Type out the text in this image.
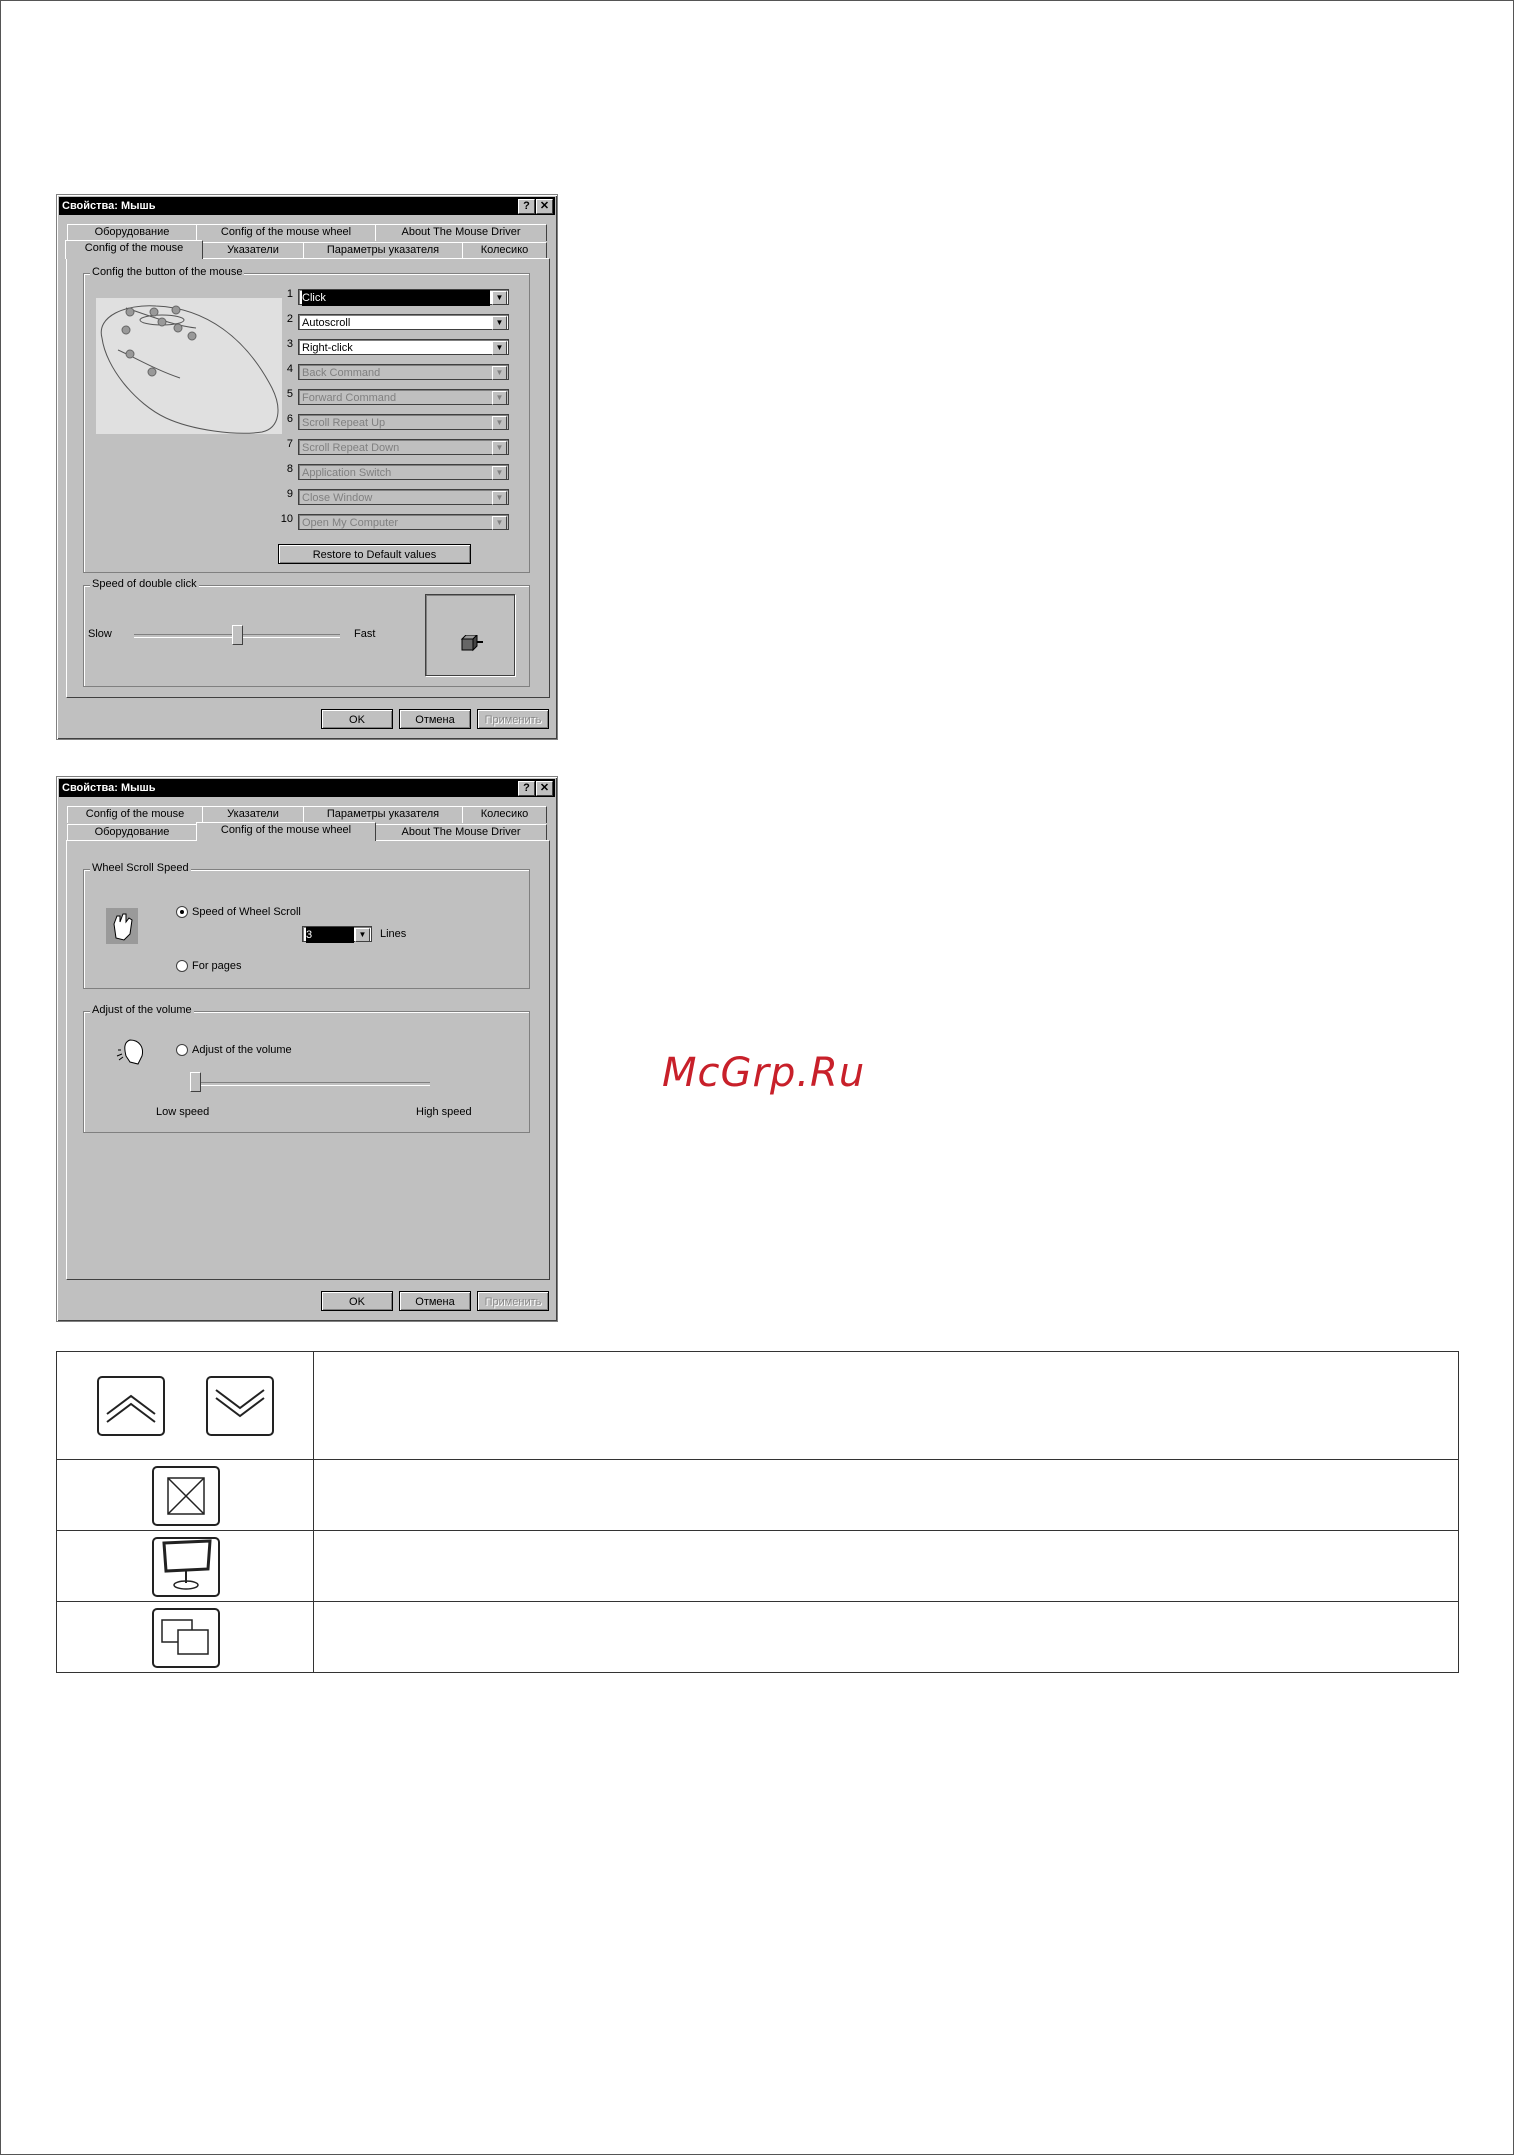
Свойства: Мышь	? ✕
Оборудование	Config of the mouse wheel	About The Mouse Driver
Config of the mouse	Указатели	Параметры указателя	Колесико
Config the button of the mouse
1 Click	▼
2 Autoscroll	▼
3 Right-click	▼
4 Back Command	▼
5 Forward Command	▼
6 Scroll Repeat Up	▼
7 Scroll Repeat Down	▼
8 Application Switch	▼
9 Close Window	▼
10 Open My Computer	▼
Restore to Default values
Speed of double click
Slow	Fast
OK	Отмена	Применить
Свойства: Мышь	? ✕
Config of the mouse	Указатели	Параметры указателя	Колесико
Оборудование	Config of the mouse wheel	About The Mouse Driver
Wheel Scroll Speed
Speed of Wheel Scroll
3	▼	Lines
For pages
Adjust of the volume
Adjust of the volume
Low speed	High speed
OK	Отмена	Применить
McGrp.Ru
